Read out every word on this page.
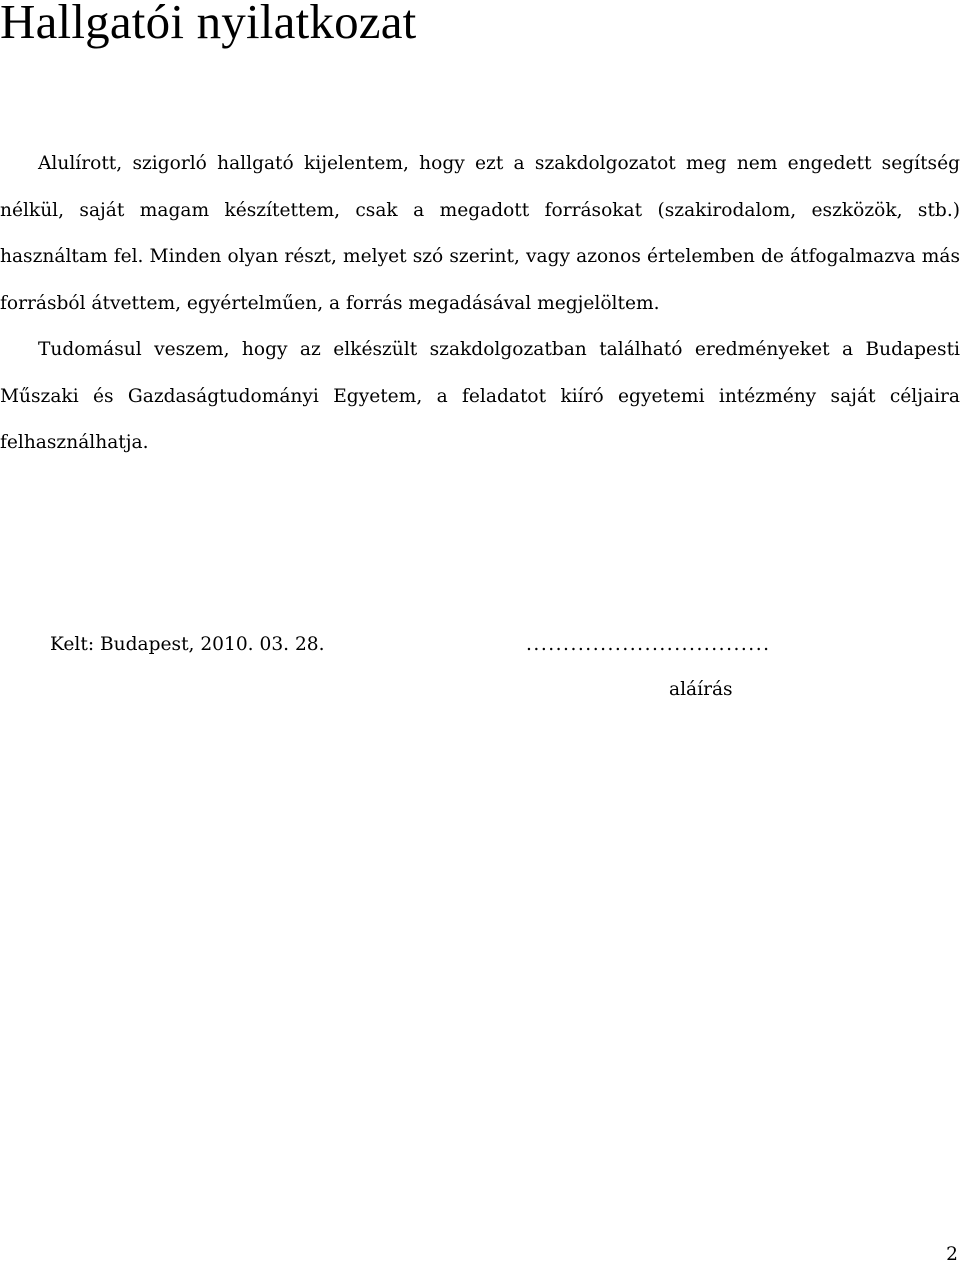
Hallgatói nyilatkozat

Alulírott, szigorló hallgató kijelentem, hogy ezt a szakdolgozatot meg nem engedett segítség nélkül, saját magam készítettem, csak a megadott forrásokat (szakirodalom, eszközök, stb.) használtam fel. Minden olyan részt, melyet szó szerint, vagy azonos értelemben de átfogalmazva más forrásból átvettem, egyértelműen, a forrás megadásával megjelöltem.

Tudomásul veszem, hogy az elkészült szakdolgozatban található eredményeket a Budapesti Műszaki és Gazdaságtudományi Egyetem, a feladatot kiíró egyetemi intézmény saját céljaira felhasználhatja.

Kelt: Budapest, 2010. 03. 28.	.................................
aláírás
2
